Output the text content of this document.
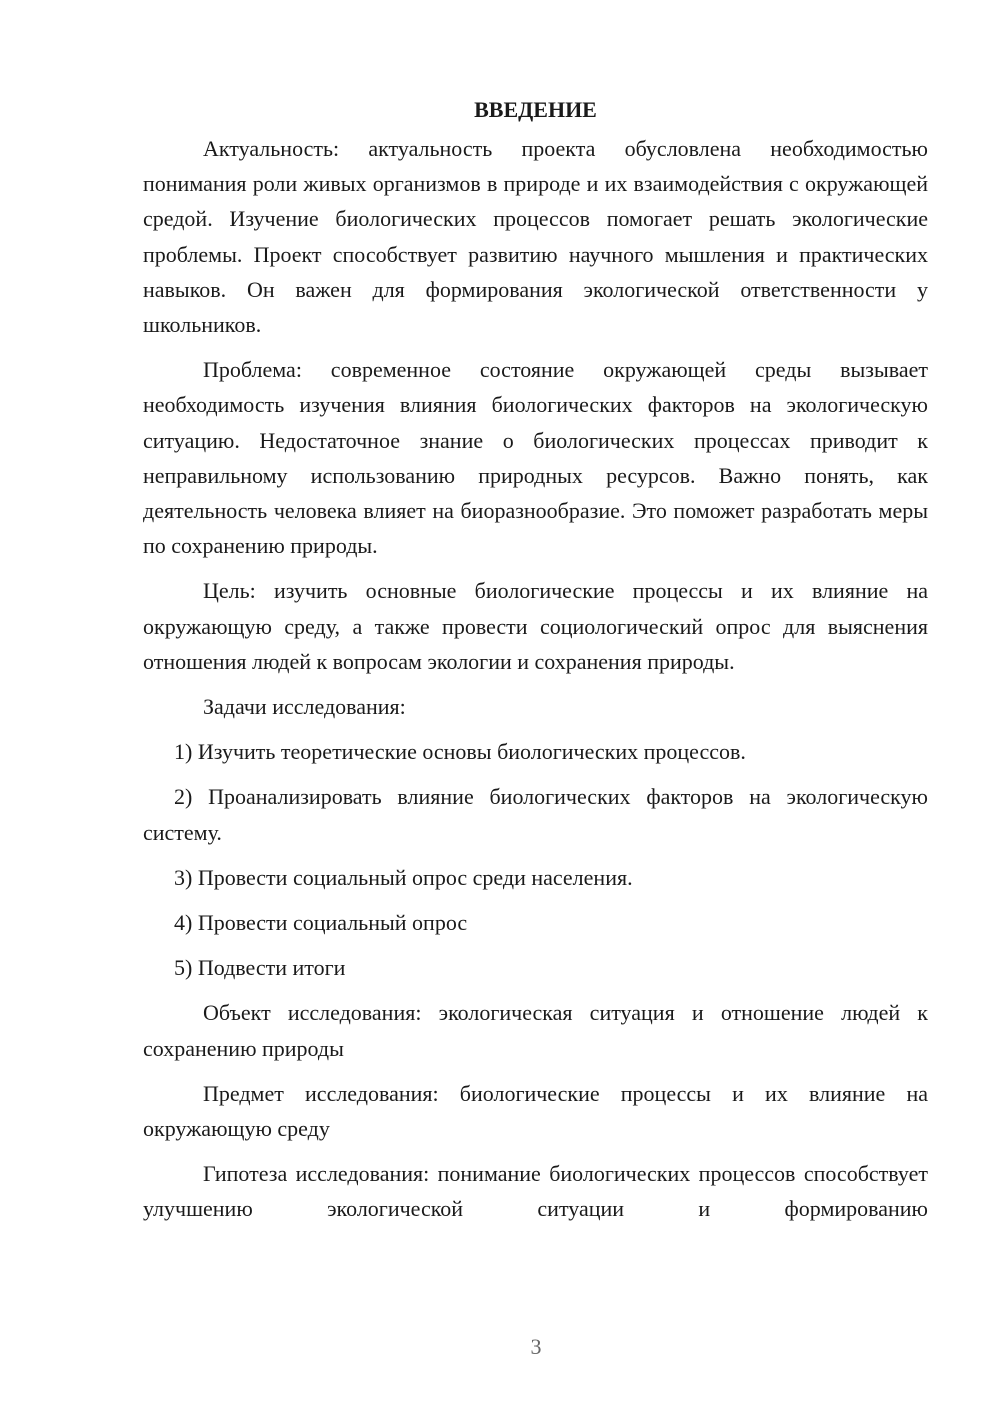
ВВЕДЕНИЕ

Актуальность: актуальность проекта обусловлена необходимостью понимания роли живых организмов в природе и их взаимодействия с окружающей средой. Изучение биологических процессов помогает решать экологические проблемы. Проект способствует развитию научного мышления и практических навыков. Он важен для формирования экологической ответственности у школьников.

Проблема: современное состояние окружающей среды вызывает необходимость изучения влияния биологических факторов на экологическую ситуацию. Недостаточное знание о биологических процессах приводит к неправильному использованию природных ресурсов. Важно понять, как деятельность человека влияет на биоразнообразие. Это поможет разработать меры по сохранению природы.

Цель: изучить основные биологические процессы и их влияние на окружающую среду, а также провести социологический опрос для выяснения отношения людей к вопросам экологии и сохранения природы.

Задачи исследования:

1) Изучить теоретические основы биологических процессов.

2) Проанализировать влияние биологических факторов на экологическую систему.

3) Провести социальный опрос среди населения.

4) Провести социальный опрос

5) Подвести итоги

Объект исследования: экологическая ситуация и отношение людей к сохранению природы

Предмет исследования: биологические процессы и их влияние на окружающую среду

Гипотеза исследования: понимание биологических процессов способствует улучшению экологической ситуации и формированию

3
